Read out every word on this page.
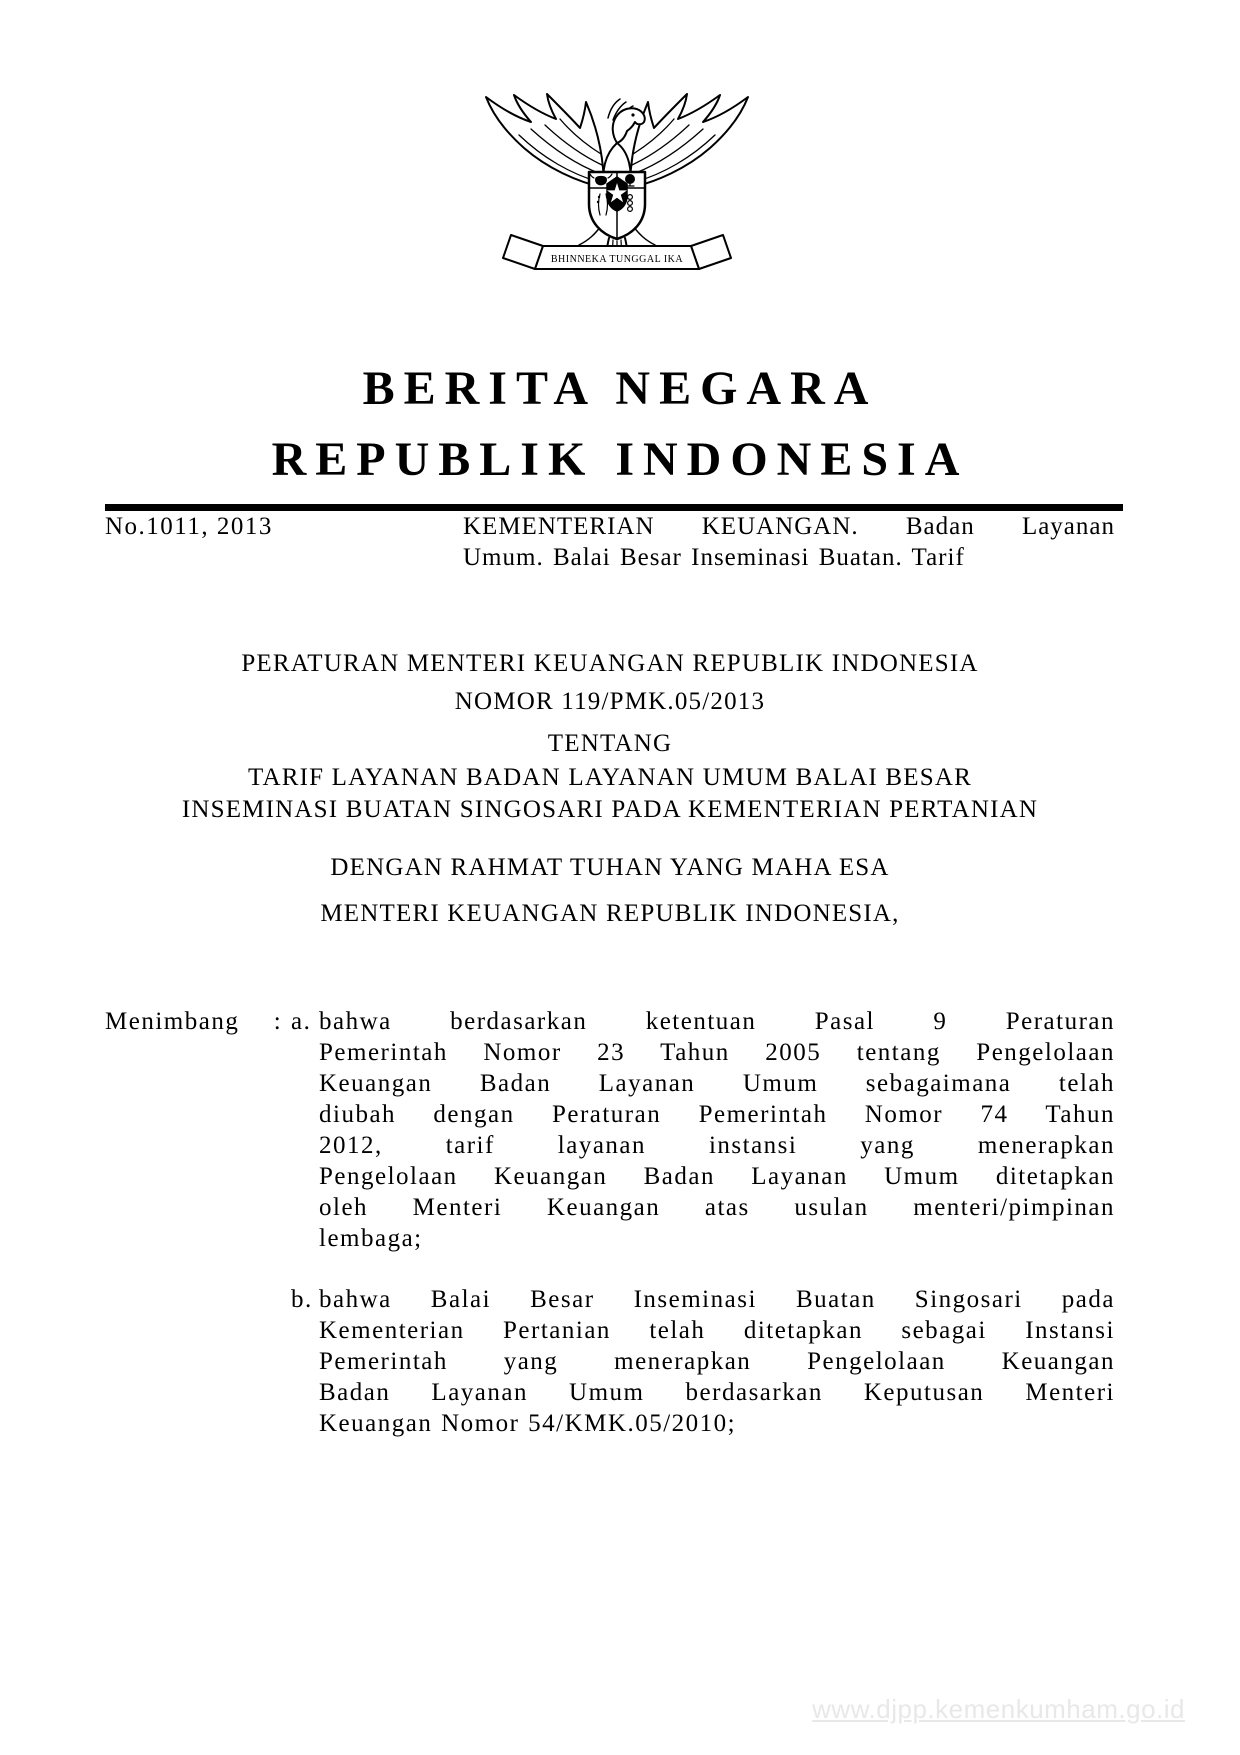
BHINNEKA TUNGGAL IKA
BERITA NEGARA
REPUBLIK INDONESIA
No.1011, 2013	KEMENTERIAN KEUANGAN. Badan Layanan
Umum. Balai Besar Inseminasi Buatan. Tarif
PERATURAN MENTERI KEUANGAN REPUBLIK INDONESIA
NOMOR 119/PMK.05/2013
TENTANG
TARIF LAYANAN BADAN LAYANAN UMUM BALAI BESAR
INSEMINASI BUATAN SINGOSARI PADA KEMENTERIAN PERTANIAN
DENGAN RAHMAT TUHAN YANG MAHA ESA
MENTERI KEUANGAN REPUBLIK INDONESIA,
Menimbang	: a. bahwa berdasarkan ketentuan Pasal 9 Peraturan
Pemerintah Nomor 23 Tahun 2005 tentang Pengelolaan
Keuangan Badan Layanan Umum sebagaimana telah
diubah dengan Peraturan Pemerintah Nomor 74 Tahun
2012, tarif layanan instansi yang menerapkan
Pengelolaan Keuangan Badan Layanan Umum ditetapkan
oleh Menteri Keuangan atas usulan menteri/pimpinan
lembaga;
b. bahwa Balai Besar Inseminasi Buatan Singosari pada
Kementerian Pertanian telah ditetapkan sebagai Instansi
Pemerintah yang menerapkan Pengelolaan Keuangan
Badan Layanan Umum berdasarkan Keputusan Menteri
Keuangan Nomor 54/KMK.05/2010;
www.djpp.kemenkumham.go.id
